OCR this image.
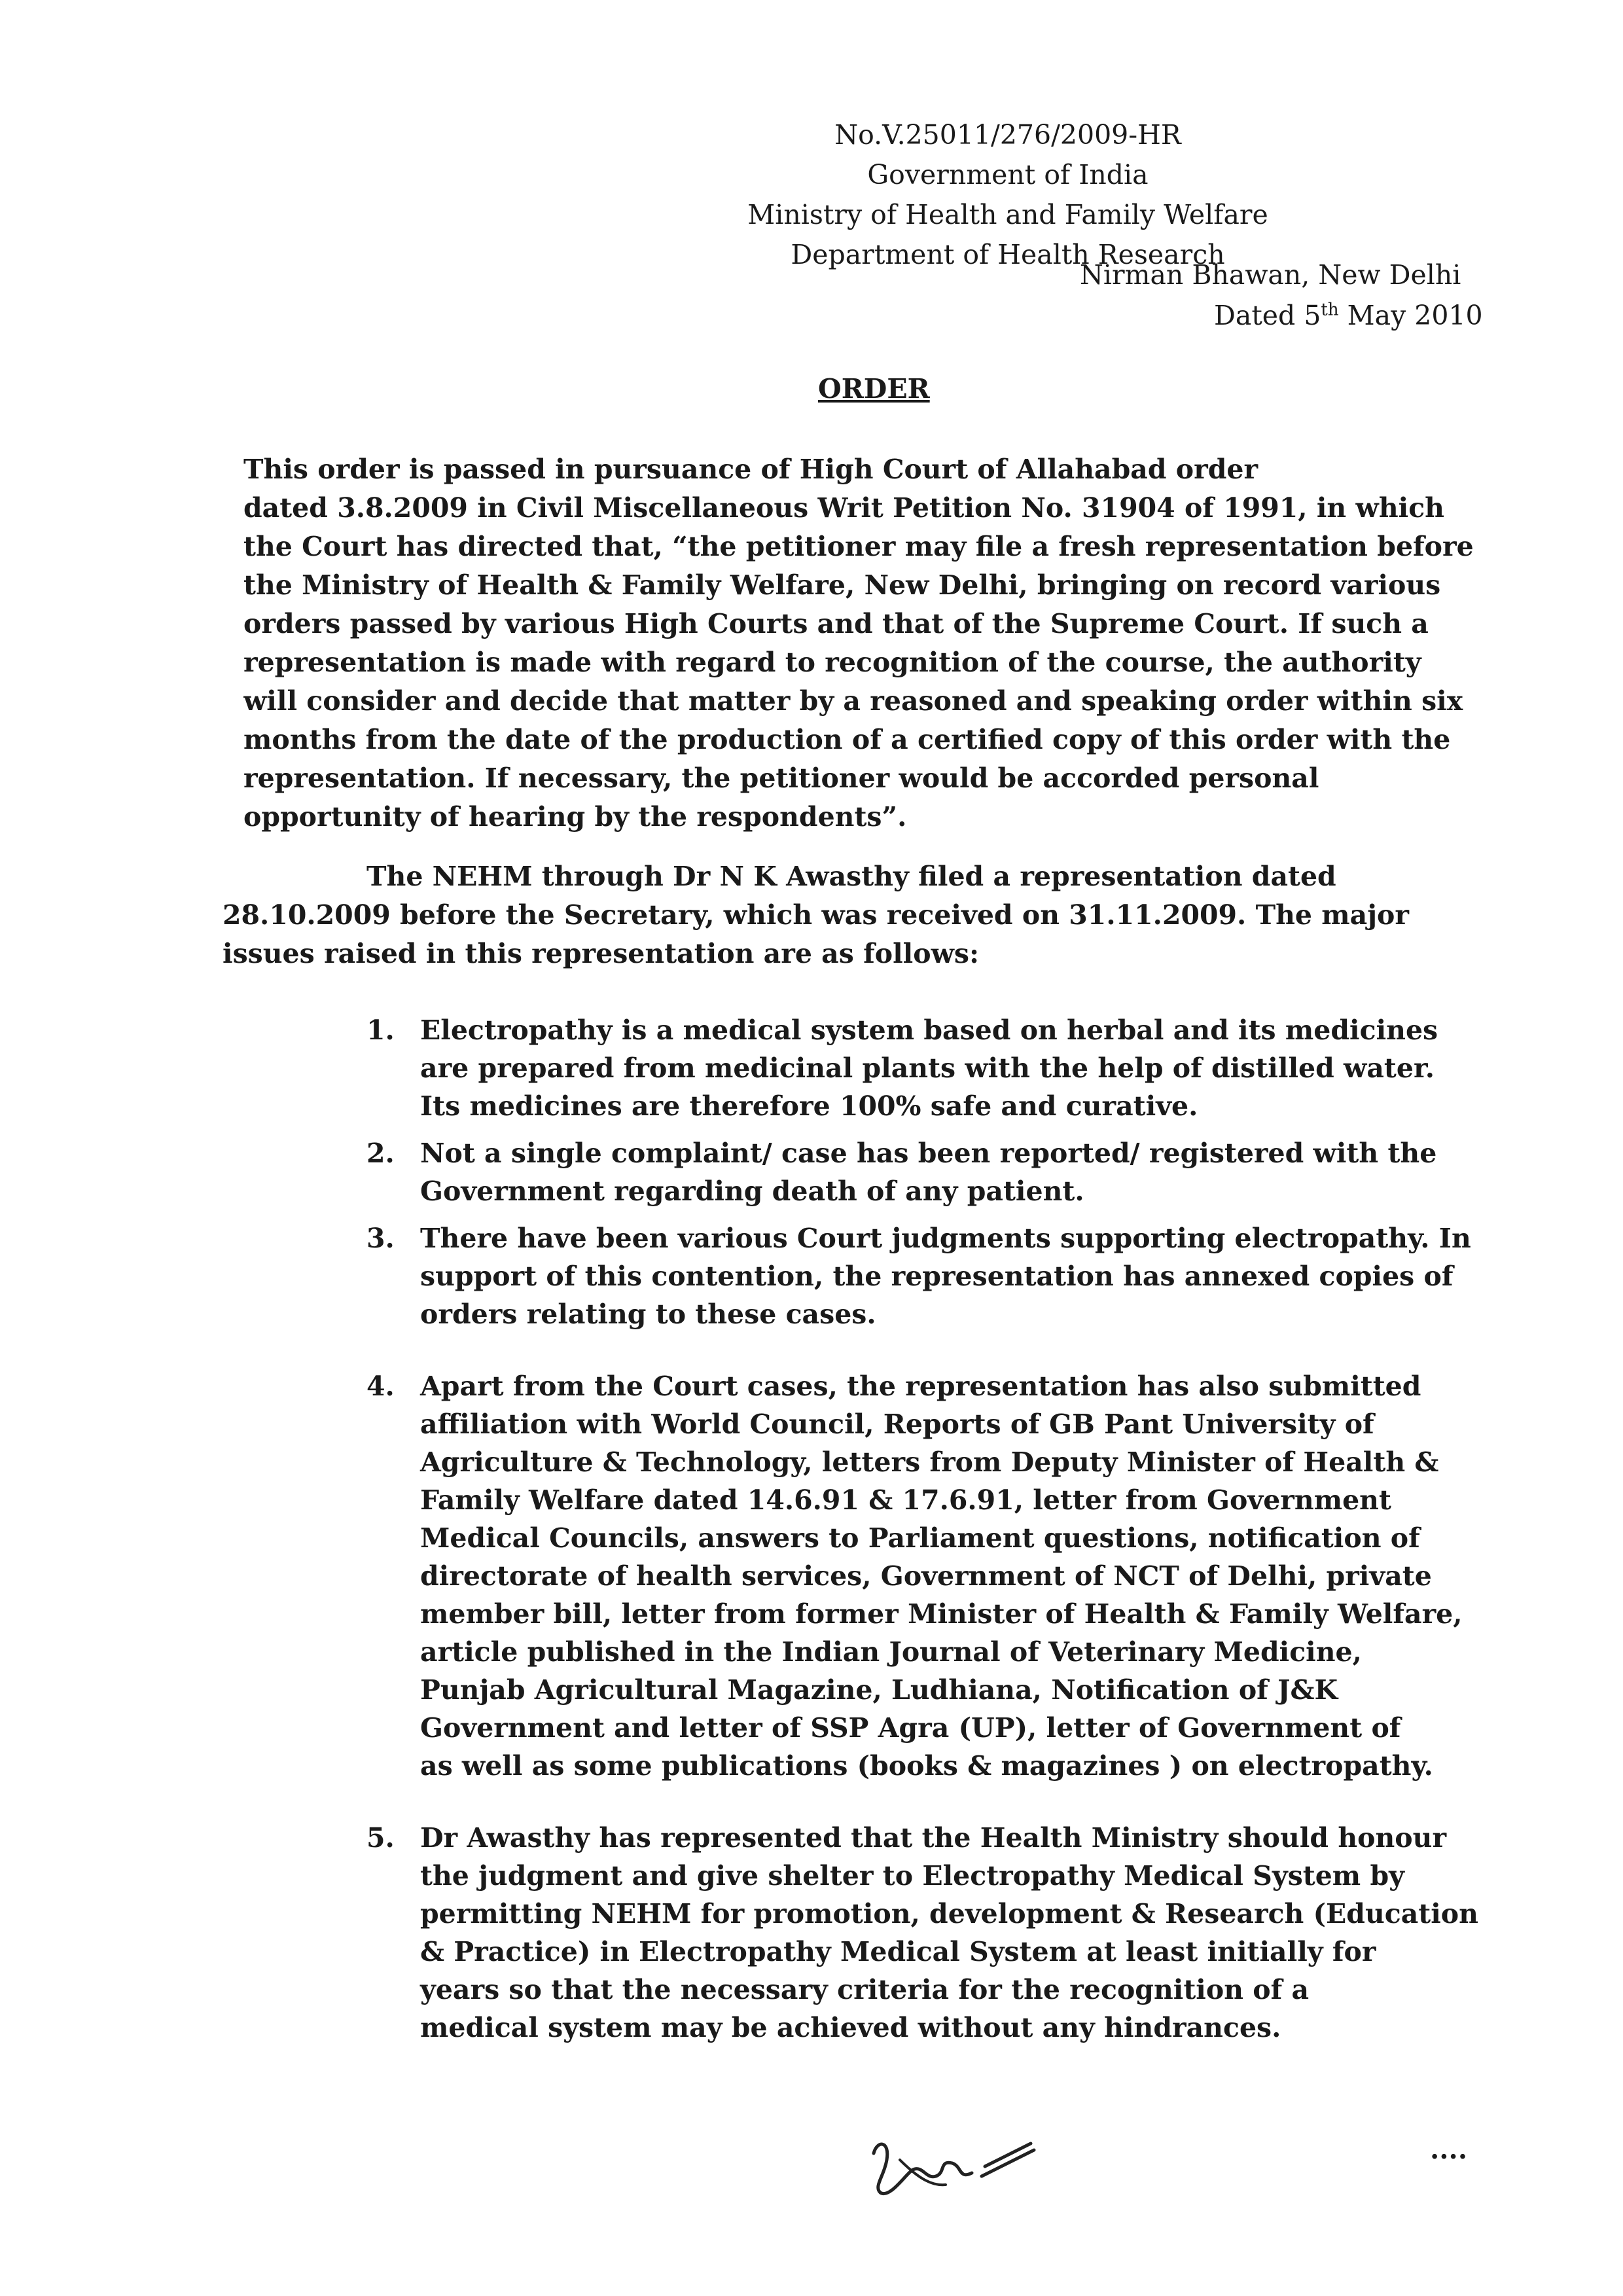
No.V.25011/276/2009-HR
Government of India
Ministry of Health and Family Welfare
Department of Health Research
Nirman Bhawan, New Delhi
Dated 5th May 2010
ORDER
This order is passed in pursuance of High Court of Allahabad order
dated 3.8.2009 in Civil Miscellaneous Writ Petition No. 31904 of 1991, in which
the Court has directed that, “the petitioner may file a fresh representation before
the Ministry of Health & Family Welfare, New Delhi, bringing on record various
orders passed by various High Courts and that of the Supreme Court. If such a
representation is made with regard to recognition of the course, the authority
will consider and decide that matter by a reasoned and speaking order within six
months from the date of the production of a certified copy of this order with the
representation. If necessary, the petitioner would be accorded personal
opportunity of hearing by the respondents”.
The NEHM through Dr N K Awasthy filed a representation dated
28.10.2009 before the Secretary, which was received on 31.11.2009. The major
issues raised in this representation are as follows:
1. Electropathy is a medical system based on herbal and its medicines
are prepared from medicinal plants with the help of distilled water.
Its medicines are therefore 100% safe and curative.
2. Not a single complaint/ case has been reported/ registered with the
Government regarding death of any patient.
3. There have been various Court judgments supporting electropathy. In
support of this contention, the representation has annexed copies of
orders relating to these cases.
4. Apart from the Court cases, the representation has also submitted
affiliation with World Council, Reports of GB Pant University of
Agriculture & Technology, letters from Deputy Minister of Health &
Family Welfare dated 14.6.91 & 17.6.91, letter from Government
Medical Councils, answers to Parliament questions, notification of
directorate of health services, Government of NCT of Delhi, private
member bill, letter from former Minister of Health & Family Welfare,
article published in the Indian Journal of Veterinary Medicine,
Punjab Agricultural Magazine, Ludhiana, Notification of J&K
Government and letter of SSP Agra (UP), letter of Government of
as well as some publications (books & magazines ) on electropathy.
5. Dr Awasthy has represented that the Health Ministry should honour
the judgment and give shelter to Electropathy Medical System by
permitting NEHM for promotion, development & Research (Education
& Practice) in Electropathy Medical System at least initially for
years so that the necessary criteria for the recognition of a
medical system may be achieved without any hindrances.
....
